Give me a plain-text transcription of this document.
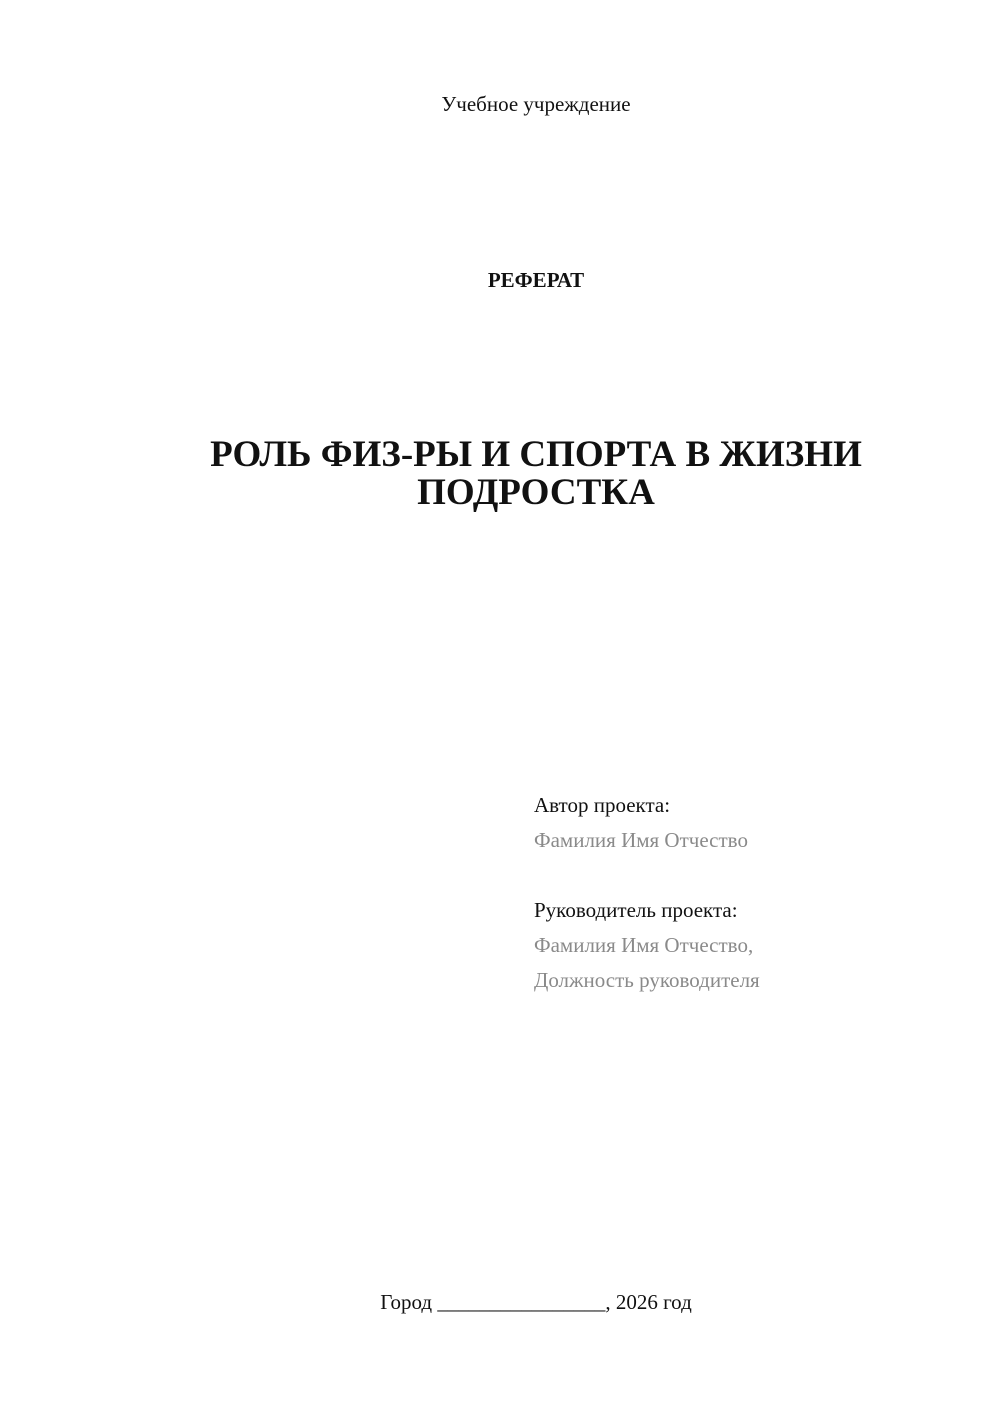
Учебное учреждение
РЕФЕРАТ
РОЛЬ ФИЗ-РЫ И СПОРТА В ЖИЗНИ
ПОДРОСТКА
Автор проекта:
Фамилия Имя Отчество
Руководитель проекта:
Фамилия Имя Отчество,
Должность руководителя
Город ________________, 2026 год
